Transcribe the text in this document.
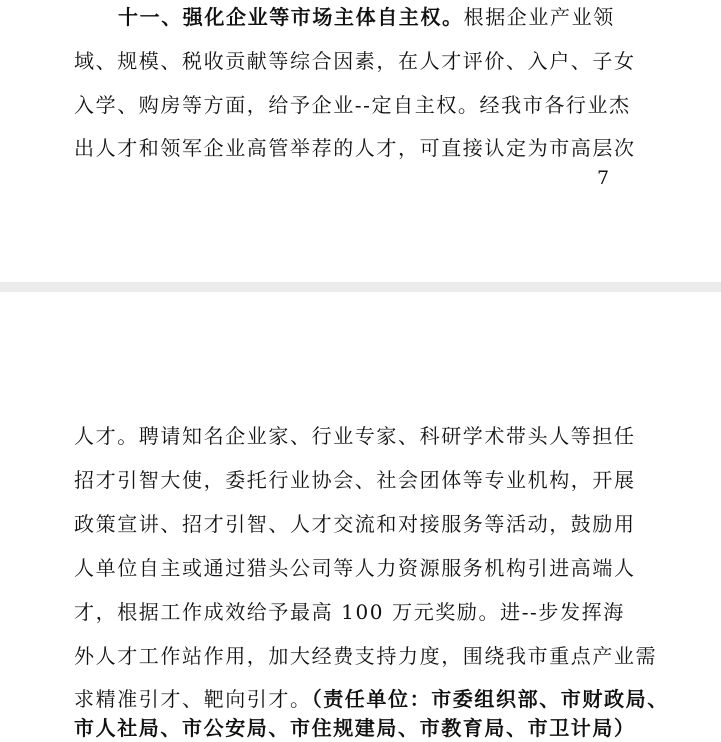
十一、强化企业等市场主体自主权。根据企业产业领
域、规模、税收贡献等综合因素，在人才评价、入户、子女
入学、购房等方面，给予企业--定自主权。经我市各行业杰
出人才和领军企业高管举荐的人才，可直接认定为市高层次
7
人才。聘请知名企业家、行业专家、科研学术带头人等担任
招才引智大使，委托行业协会、社会团体等专业机构，开展
政策宣讲、招才引智、人才交流和对接服务等活动，鼓励用
人单位自主或通过猎头公司等人力资源服务机构引进高端人
才，根据工作成效给予最高 100 万元奖励。进--步发挥海
外人才工作站作用，加大经费支持力度，围绕我市重点产业需
求精准引才、靶向引才。（责任单位：市委组织部、市财政局、
市人社局、市公安局、市住规建局、市教育局、市卫计局）
